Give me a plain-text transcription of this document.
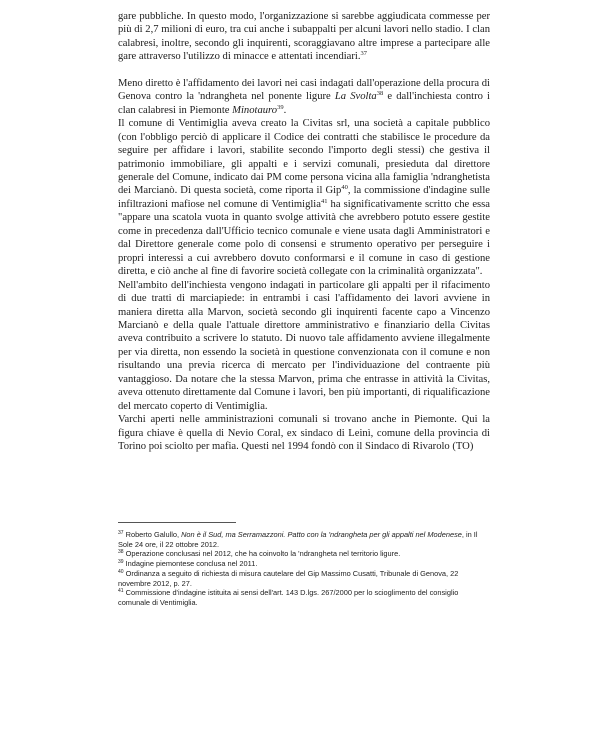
gare pubbliche. In questo modo, l'organizzazione si sarebbe aggiudicata commesse per più di 2,7 milioni di euro, tra cui anche i subappalti per alcuni lavori nello stadio. I clan calabresi, inoltre, secondo gli inquirenti, scoraggiavano altre imprese a partecipare alle gare attraverso l'utilizzo di minacce e attentati incendiari.$^{37}$

Meno diretto è l'affidamento dei lavori nei casi indagati dall'operazione della procura di Genova contro la 'ndrangheta nel ponente ligure La Svolta$^{38}$ e dall'inchiesta contro i clan calabresi in Piemonte Minotauro$^{39}$.

Il comune di Ventimiglia aveva creato la Civitas srl, una società a capitale pubblico (con l'obbligo perciò di applicare il Codice dei contratti che stabilisce le procedure da seguire per affidare i lavori, stabilite secondo l'importo degli stessi) che gestiva il patrimonio immobiliare, gli appalti e i servizi comunali, presieduta dal direttore generale del Comune, indicato dai PM come persona vicina alla famiglia 'ndranghetista dei Marcianò. Di questa società, come riporta il Gip$^{40}$, la commissione d'indagine sulle infiltrazioni mafiose nel comune di Ventimiglia$^{41}$ ha significativamente scritto che essa "appare una scatola vuota in quanto svolge attività che avrebbero potuto essere gestite come in precedenza dall'Ufficio tecnico comunale e viene usata dagli Amministratori e dal Direttore generale come polo di consensi e strumento operativo per perseguire i propri interessi a cui avrebbero dovuto conformarsi e il comune in caso di gestione diretta, e ciò anche al fine di favorire società collegate con la criminalità organizzata".

Nell'ambito dell'inchiesta vengono indagati in particolare gli appalti per il rifacimento di due tratti di marciapiede: in entrambi i casi l'affidamento dei lavori avviene in maniera diretta alla Marvon, società secondo gli inquirenti facente capo a Vincenzo Marcianò e della quale l'attuale direttore amministrativo e finanziario della Civitas aveva contribuito a scrivere lo statuto. Di nuovo tale affidamento avviene illegalmente per via diretta, non essendo la società in questione convenzionata con il comune e non risultando una previa ricerca di mercato per l'individuazione del contraente più vantaggioso. Da notare che la stessa Marvon, prima che entrasse in attività la Civitas, aveva ottenuto direttamente dal Comune i lavori, ben più importanti, di riqualificazione del mercato coperto di Ventimiglia.

Varchi aperti nelle amministrazioni comunali si trovano anche in Piemonte. Qui la figura chiave è quella di Nevio Coral, ex sindaco di Leinì, comune della provincia di Torino poi sciolto per mafia. Questi nel 1994 fondò con il Sindaco di Rivarolo (TO)

$^{37}$ Roberto Galullo, Non è il Sud, ma Serramazzoni. Patto con la 'ndrangheta per gli appalti nel Modenese, in Il Sole 24 ore, il 22 ottobre 2012.

$^{38}$ Operazione conclusasi nel 2012, che ha coinvolto la 'ndrangheta nel territorio ligure.

$^{39}$ Indagine piemontese conclusa nel 2011.

$^{40}$ Ordinanza a seguito di richiesta di misura cautelare del Gip Massimo Cusatti, Tribunale di Genova, 22 novembre 2012, p. 27.

$^{41}$ Commissione d'indagine istituita ai sensi dell'art. 143 D.lgs. 267/2000 per lo scioglimento del consiglio comunale di Ventimiglia.
